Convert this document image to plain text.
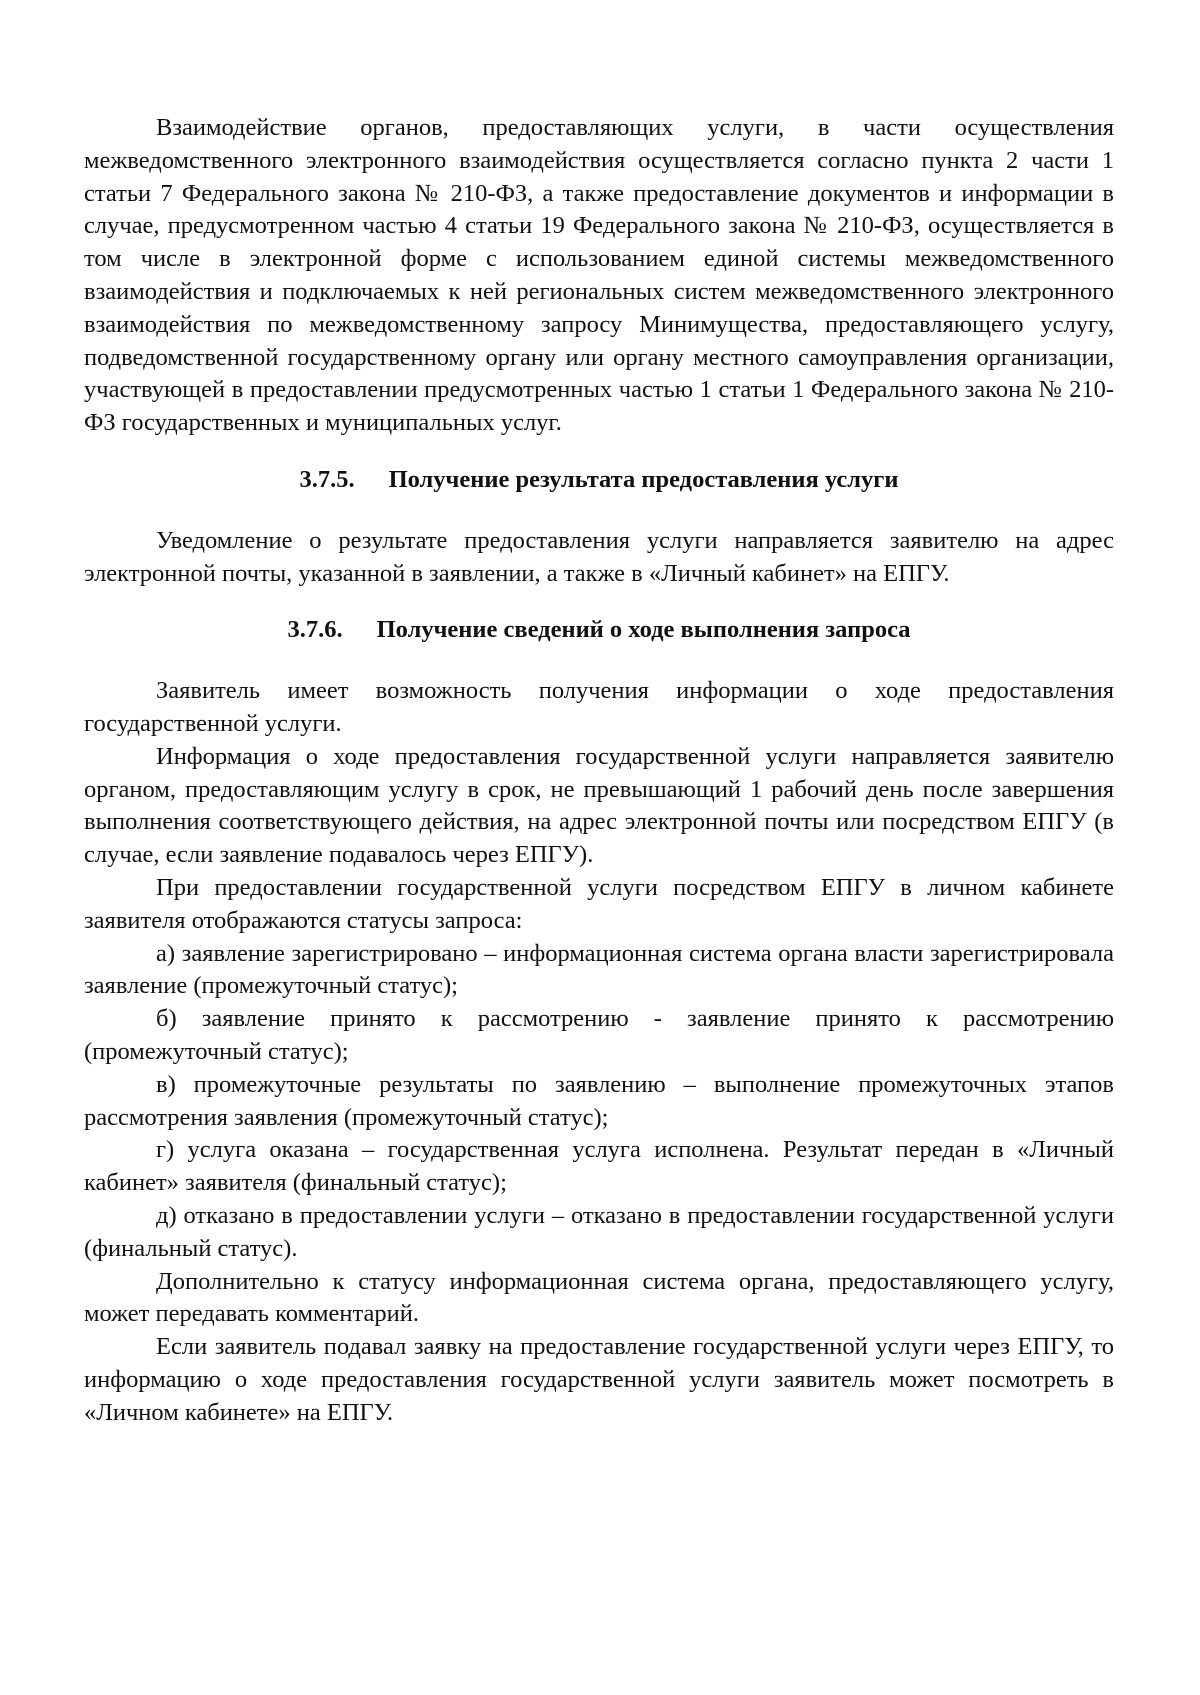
Взаимодействие органов, предоставляющих услуги, в части осуществления межведомственного электронного взаимодействия осуществляется согласно пункта 2 части 1 статьи 7 Федерального закона № 210-ФЗ, а также предоставление документов и информации в случае, предусмотренном частью 4 статьи 19 Федерального закона № 210-ФЗ, осуществляется в том числе в электронной форме с использованием единой системы межведомственного взаимодействия и подключаемых к ней региональных систем межведомственного электронного взаимодействия по межведомственному запросу Минимущества, предоставляющего услугу, подведомственной государственному органу или органу местного самоуправления организации, участвующей в предоставлении предусмотренных частью 1 статьи 1 Федерального закона № 210-ФЗ государственных и муниципальных услуг.

3.7.5. Получение результата предоставления услуги

Уведомление о результате предоставления услуги направляется заявителю на адрес электронной почты, указанной в заявлении, а также в «Личный кабинет» на ЕПГУ.

3.7.6. Получение сведений о ходе выполнения запроса

Заявитель имеет возможность получения информации о ходе предоставления государственной услуги.

Информация о ходе предоставления государственной услуги направляется заявителю органом, предоставляющим услугу в срок, не превышающий 1 рабочий день после завершения выполнения соответствующего действия, на адрес электронной почты или посредством ЕПГУ (в случае, если заявление подавалось через ЕПГУ).

При предоставлении государственной услуги посредством ЕПГУ в личном кабинете заявителя отображаются статусы запроса:

а) заявление зарегистрировано – информационная система органа власти зарегистрировала заявление (промежуточный статус);

б) заявление принято к рассмотрению - заявление принято к рассмотрению (промежуточный статус);

в) промежуточные результаты по заявлению – выполнение промежуточных этапов рассмотрения заявления (промежуточный статус);

г) услуга оказана – государственная услуга исполнена. Результат передан в «Личный кабинет» заявителя (финальный статус);

д) отказано в предоставлении услуги – отказано в предоставлении государственной услуги (финальный статус).

Дополнительно к статусу информационная система органа, предоставляющего услугу, может передавать комментарий.

Если заявитель подавал заявку на предоставление государственной услуги через ЕПГУ, то информацию о ходе предоставления государственной услуги заявитель может посмотреть в «Личном кабинете» на ЕПГУ.
